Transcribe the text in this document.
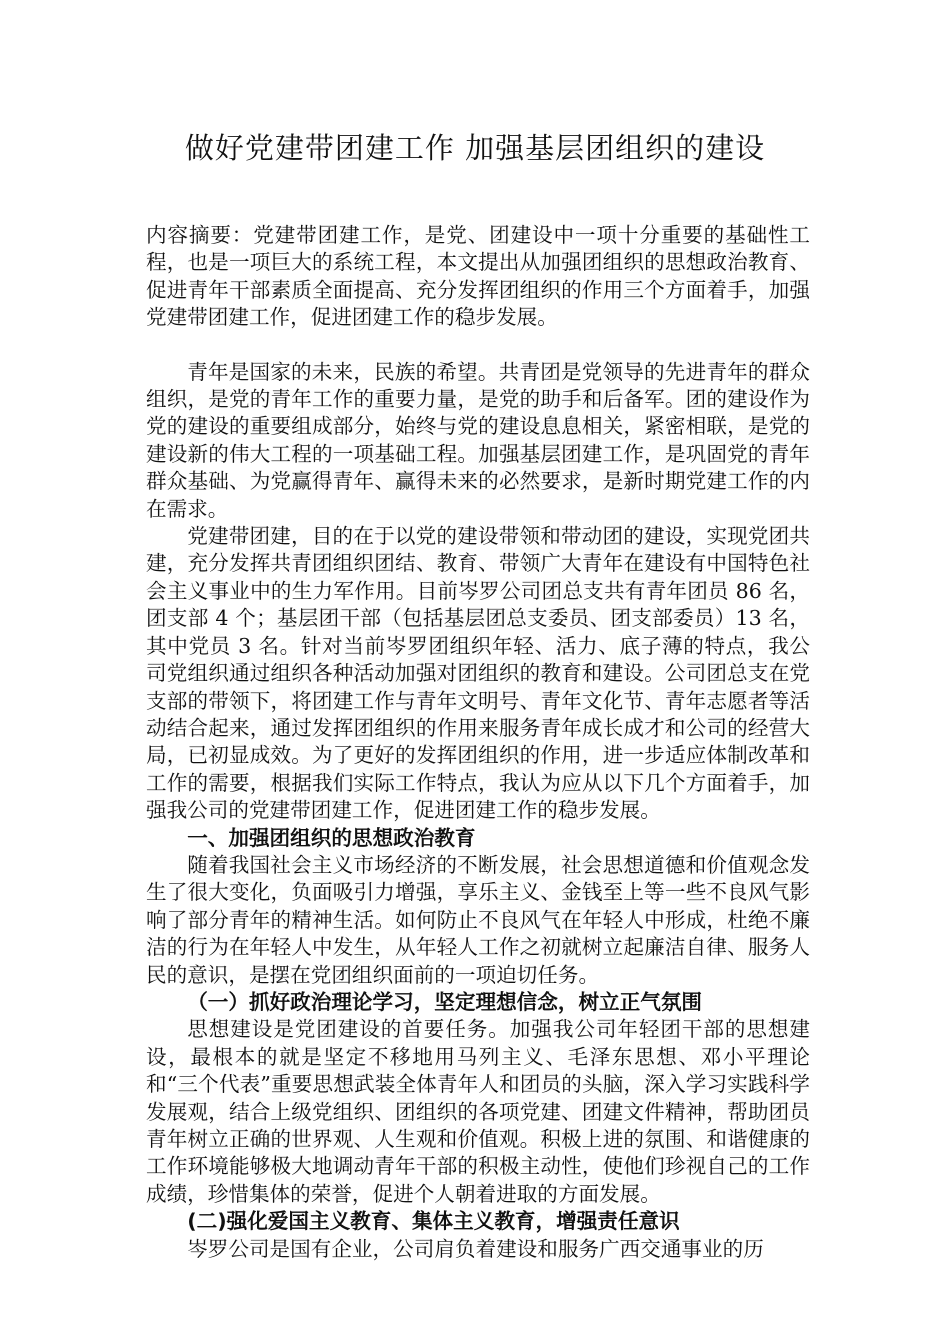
做好党建带团建工作 加强基层团组织的建设

内容摘要：党建带团建工作，是党、团建设中一项十分重要的基础性工程，也是一项巨大的系统工程，本文提出从加强团组织的思想政治教育、促进青年干部素质全面提高、充分发挥团组织的作用三个方面着手，加强党建带团建工作，促进团建工作的稳步发展。

青年是国家的未来，民族的希望。共青团是党领导的先进青年的群众组织，是党的青年工作的重要力量，是党的助手和后备军。团的建设作为党的建设的重要组成部分，始终与党的建设息息相关，紧密相联，是党的建设新的伟大工程的一项基础工程。加强基层团建工作，是巩固党的青年群众基础、为党赢得青年、赢得未来的必然要求，是新时期党建工作的内在需求。

党建带团建，目的在于以党的建设带领和带动团的建设，实现党团共建，充分发挥共青团组织团结、教育、带领广大青年在建设有中国特色社会主义事业中的生力军作用。目前岑罗公司团总支共有青年团员 86 名，团支部 4 个；基层团干部（包括基层团总支委员、团支部委员）13 名，其中党员 3 名。针对当前岑罗团组织年轻、活力、底子薄的特点，我公司党组织通过组织各种活动加强对团组织的教育和建设。公司团总支在党支部的带领下，将团建工作与青年文明号、青年文化节、青年志愿者等活动结合起来，通过发挥团组织的作用来服务青年成长成才和公司的经营大局，已初显成效。为了更好的发挥团组织的作用，进一步适应体制改革和工作的需要，根据我们实际工作特点，我认为应从以下几个方面着手，加强我公司的党建带团建工作，促进团建工作的稳步发展。

一、加强团组织的思想政治教育

随着我国社会主义市场经济的不断发展，社会思想道德和价值观念发生了很大变化，负面吸引力增强，享乐主义、金钱至上等一些不良风气影响了部分青年的精神生活。如何防止不良风气在年轻人中形成，杜绝不廉洁的行为在年轻人中发生，从年轻人工作之初就树立起廉洁自律、服务人民的意识，是摆在党团组织面前的一项迫切任务。

（一）抓好政治理论学习，坚定理想信念，树立正气氛围

思想建设是党团建设的首要任务。加强我公司年轻团干部的思想建设，最根本的就是坚定不移地用马列主义、毛泽东思想、邓小平理论和“三个代表”重要思想武装全体青年人和团员的头脑，深入学习实践科学发展观，结合上级党组织、团组织的各项党建、团建文件精神，帮助团员青年树立正确的世界观、人生观和价值观。积极上进的氛围、和谐健康的工作环境能够极大地调动青年干部的积极主动性，使他们珍视自己的工作成绩，珍惜集体的荣誉，促进个人朝着进取的方面发展。

(二)强化爱国主义教育、集体主义教育，增强责任意识

岑罗公司是国有企业，公司肩负着建设和服务广西交通事业的历
